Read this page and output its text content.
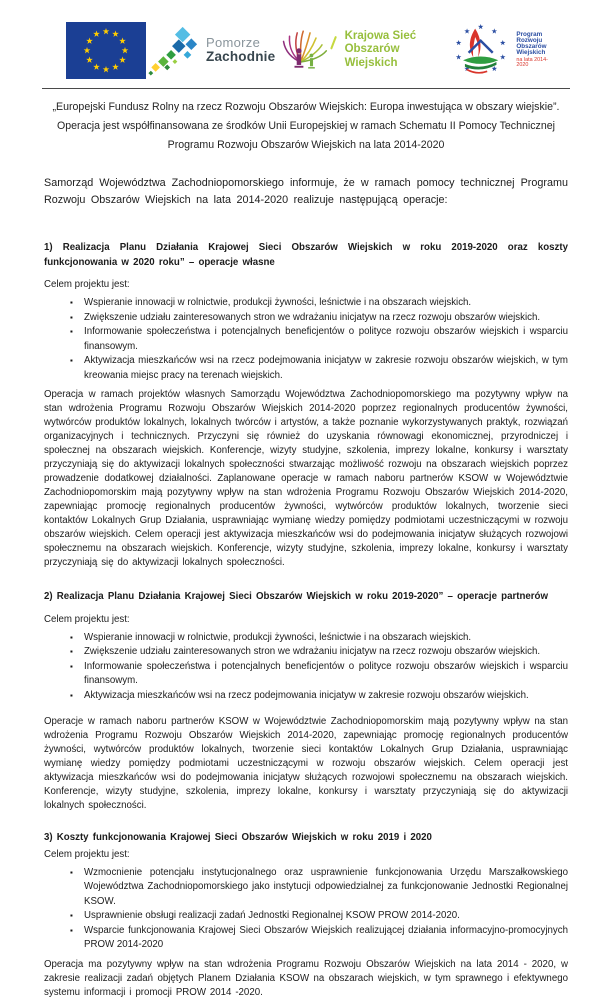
Pomorze
Zachodnie
Krajowa Sieć
Obszarów Wiejskich
Program
Rozwoju
Obszarów
Wiejskich
na lata 2014-2020
„Europejski Fundusz Rolny na rzecz Rozwoju Obszarów Wiejskich: Europa inwestująca w obszary wiejskie”.
Operacja jest współfinansowana ze środków Unii Europejskiej w ramach Schematu II Pomocy Technicznej
Programu Rozwoju Obszarów Wiejskich na lata 2014-2020

Samorząd Województwa Zachodniopomorskiego informuje, że w ramach pomocy technicznej Programu Rozwoju Obszarów Wiejskich na lata 2014-2020 realizuje następującą operacje:

1) Realizacja Planu Działania Krajowej Sieci Obszarów Wiejskich w roku 2019-2020 oraz koszty funkcjonowania w 2020 roku” – operacje własne
Celem projektu jest:
▪ Wspieranie innowacji w rolnictwie, produkcji żywności, leśnictwie i na obszarach wiejskich.
▪ Zwiększenie udziału zainteresowanych stron we wdrażaniu inicjatyw na rzecz rozwoju obszarów wiejskich.
▪ Informowanie społeczeństwa i potencjalnych beneficjentów o polityce rozwoju obszarów wiejskich i wsparciu finansowym.
▪ Aktywizacja mieszkańców wsi na rzecz podejmowania inicjatyw w zakresie rozwoju obszarów wiejskich, w tym kreowania miejsc pracy na terenach wiejskich.

Operacja w ramach projektów własnych Samorządu Województwa Zachodniopomorskiego ma pozytywny wpływ na stan wdrożenia Programu Rozwoju Obszarów Wiejskich 2014-2020 poprzez regionalnych producentów żywności, wytwórców produktów lokalnych, lokalnych twórców i artystów, a także poznanie wykorzystywanych praktyk, rozwiązań organizacyjnych i technicznych. Przyczyni się również do uzyskania równowagi ekonomicznej, przyrodniczej i społecznej na obszarach wiejskich. Konferencje, wizyty studyjne, szkolenia, imprezy lokalne, konkursy i warsztaty przyczyniają się do aktywizacji lokalnych społeczności stwarzając możliwość rozwoju na obszarach wiejskich poprzez prowadzenie dodatkowej działalności. Zaplanowane operacje w ramach naboru partnerów KSOW w Województwie Zachodniopomorskim mają pozytywny wpływ na stan wdrożenia Programu Rozwoju Obszarów Wiejskich 2014-2020, zapewniając promocję regionalnych producentów żywności, wytwórców produktów lokalnych, tworzenie sieci kontaktów Lokalnych Grup Działania, usprawniając wymianę wiedzy pomiędzy podmiotami uczestniczącymi w rozwoju obszarów wiejskich. Celem operacji jest aktywizacja mieszkańców wsi do podejmowania inicjatyw służących rozwojowi społecznemu na obszarach wiejskich. Konferencje, wizyty studyjne, szkolenia, imprezy lokalne, konkursy i warsztaty przyczyniają się do aktywizacji lokalnych społeczności.

2) Realizacja Planu Działania Krajowej Sieci Obszarów Wiejskich w roku 2019-2020” – operacje partnerów
Celem projektu jest:
▪ Wspieranie innowacji w rolnictwie, produkcji żywności, leśnictwie i na obszarach wiejskich.
▪ Zwiększenie udziału zainteresowanych stron we wdrażaniu inicjatyw na rzecz rozwoju obszarów wiejskich.
▪ Informowanie społeczeństwa i potencjalnych beneficjentów o polityce rozwoju obszarów wiejskich i wsparciu finansowym.
▪ Aktywizacja mieszkańców wsi na rzecz podejmowania inicjatyw w zakresie rozwoju obszarów wiejskich.

Operacje w ramach naboru partnerów KSOW w Województwie Zachodniopomorskim mają pozytywny wpływ na stan wdrożenia Programu Rozwoju Obszarów Wiejskich 2014-2020, zapewniając promocję regionalnych producentów żywności, wytwórców produktów lokalnych, tworzenie sieci kontaktów Lokalnych Grup Działania, usprawniając wymianę wiedzy pomiędzy podmiotami uczestniczącymi w rozwoju obszarów wiejskich. Celem operacji jest aktywizacja mieszkańców wsi do podejmowania inicjatyw służących rozwojowi społecznemu na obszarach wiejskich. Konferencje, wizyty studyjne, szkolenia, imprezy lokalne, konkursy i warsztaty przyczyniają się do aktywizacji lokalnych społeczności.

3) Koszty funkcjonowania Krajowej Sieci Obszarów Wiejskich w roku 2019 i 2020
Celem projektu jest:
▪ Wzmocnienie potencjału instytucjonalnego oraz usprawnienie funkcjonowania Urzędu Marszałkowskiego Województwa Zachodniopomorskiego jako instytucji odpowiedzialnej za funkcjonowanie Jednostki Regionalnej KSOW.
▪ Usprawnienie obsługi realizacji zadań Jednostki Regionalnej KSOW PROW 2014-2020.
▪ Wsparcie funkcjonowania Krajowej Sieci Obszarów Wiejskich realizującej działania informacyjno-promocyjnych PROW 2014-2020

Operacja ma pozytywny wpływ na stan wdrożenia Programu Rozwoju Obszarów Wiejskich na lata 2014 - 2020, w zakresie realizacji zadań objętych Planem Działania KSOW na obszarach wiejskich, w tym sprawnego i efektywnego systemu informacji i promocji PROW 2014 -2020.
